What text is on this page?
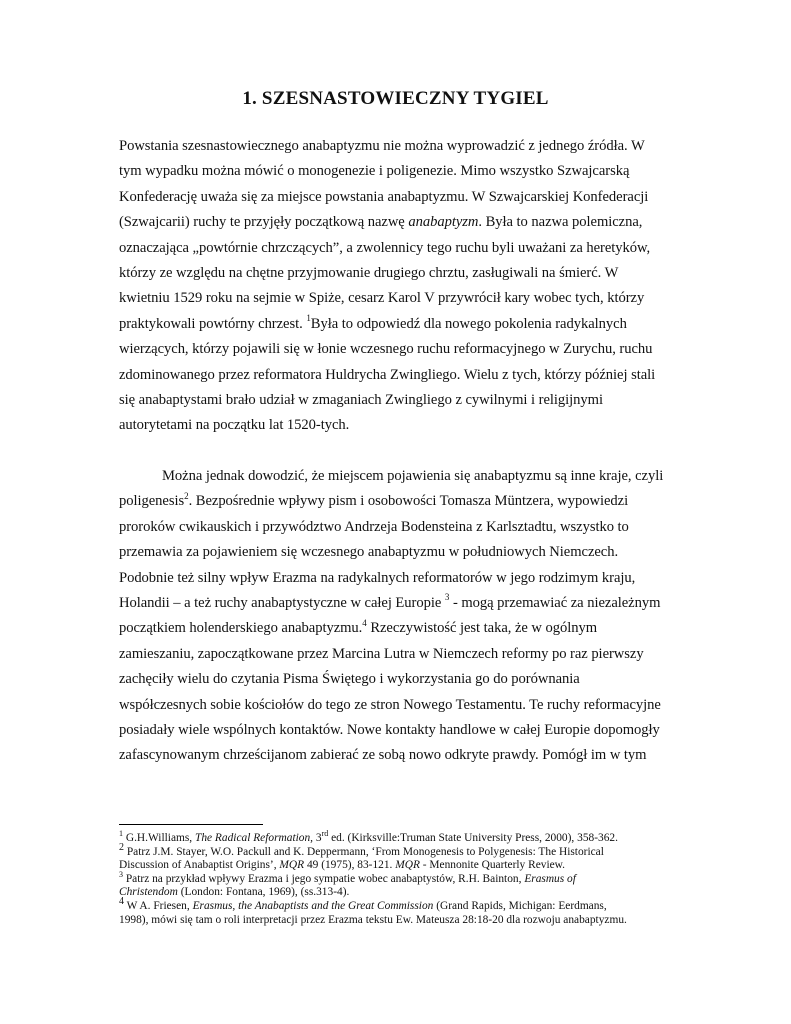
1. SZESNASTOWIECZNY TYGIEL
Powstania szesnastowiecznego anabaptyzmu nie można wyprowadzić z jednego źródła. W
tym wypadku można mówić o monogenezie i poligenezie. Mimo wszystko Szwajcarską
Konfederację uważa się za miejsce powstania anabaptyzmu. W Szwajcarskiej Konfederacji
(Szwajcarii) ruchy te przyjęły początkową nazwę anabaptyzm. Była to nazwa polemiczna,
oznaczająca „powtórnie chrzczących”, a zwolennicy tego ruchu byli uważani za heretyków,
którzy ze względu na chętne przyjmowanie drugiego chrztu, zasługiwali na śmierć. W
kwietniu 1529 roku na sejmie w Spiże, cesarz Karol V przywrócił kary wobec tych, którzy
praktykowali powtórny chrzest. $^1$Była to odpowiedź dla nowego pokolenia radykalnych
wierzących, którzy pojawili się w łonie wczesnego ruchu reformacyjnego w Zurychu, ruchu
zdominowanego przez reformatora Huldrycha Zwingliego. Wielu z tych, którzy później stali
się anabaptystami brało udział w zmaganiach Zwingliego z cywilnymi i religijnymi
autorytetami na początku lat 1520-tych.
Można jednak dowodzić, że miejscem pojawienia się anabaptyzmu są inne kraje, czyli
poligenesis$^2$. Bezpośrednie wpływy pism i osobowości Tomasza Müntzera, wypowiedzi
proroków cwikauskich i przywództwo Andrzeja Bodensteina z Karlsztadtu, wszystko to
przemawia za pojawieniem się wczesnego anabaptyzmu w południowych Niemczech.
Podobnie też silny wpływ Erazma na radykalnych reformatorów w jego rodzimym kraju,
Holandii – a też ruchy anabaptystyczne w całej Europie $^3$ - mogą przemawiać za niezależnym
początkiem holenderskiego anabaptyzmu.$^4$ Rzeczywistość jest taka, że w ogólnym
zamieszaniu, zapoczątkowane przez Marcina Lutra w Niemczech reformy po raz pierwszy
zachęciły wielu do czytania Pisma Świętego i wykorzystania go do porównania
współczesnych sobie kościołów do tego ze stron Nowego Testamentu. Te ruchy reformacyjne
posiadały wiele wspólnych kontaktów. Nowe kontakty handlowe w całej Europie dopomogły
zafascynowanym chrześcijanom zabierać ze sobą nowo odkryte prawdy. Pomógł im w tym
$^1$ G.H.Williams, The Radical Reformation, 3rd ed. (Kirksville:Truman State University Press, 2000), 358-362.
2 Patrz J.M. Stayer, W.O. Packull and K. Deppermann, ‘From Monogenesis to Polygenesis: The Historical
Discussion of Anabaptist Origins’, MQR 49 (1975), 83-121. MQR - Mennonite Quarterly Review.
$^3$ Patrz na przykład wpływy Erazma i jego sympatie wobec anabaptystów, R.H. Bainton, Erasmus of
Christendom (London: Fontana, 1969), (ss.313-4).
4 W A. Friesen, Erasmus, the Anabaptists and the Great Commission (Grand Rapids, Michigan: Eerdmans,
1998), mówi się tam o roli interpretacji przez Erazma tekstu Ew. Mateusza 28:18-20 dla rozwoju anabaptyzmu.
